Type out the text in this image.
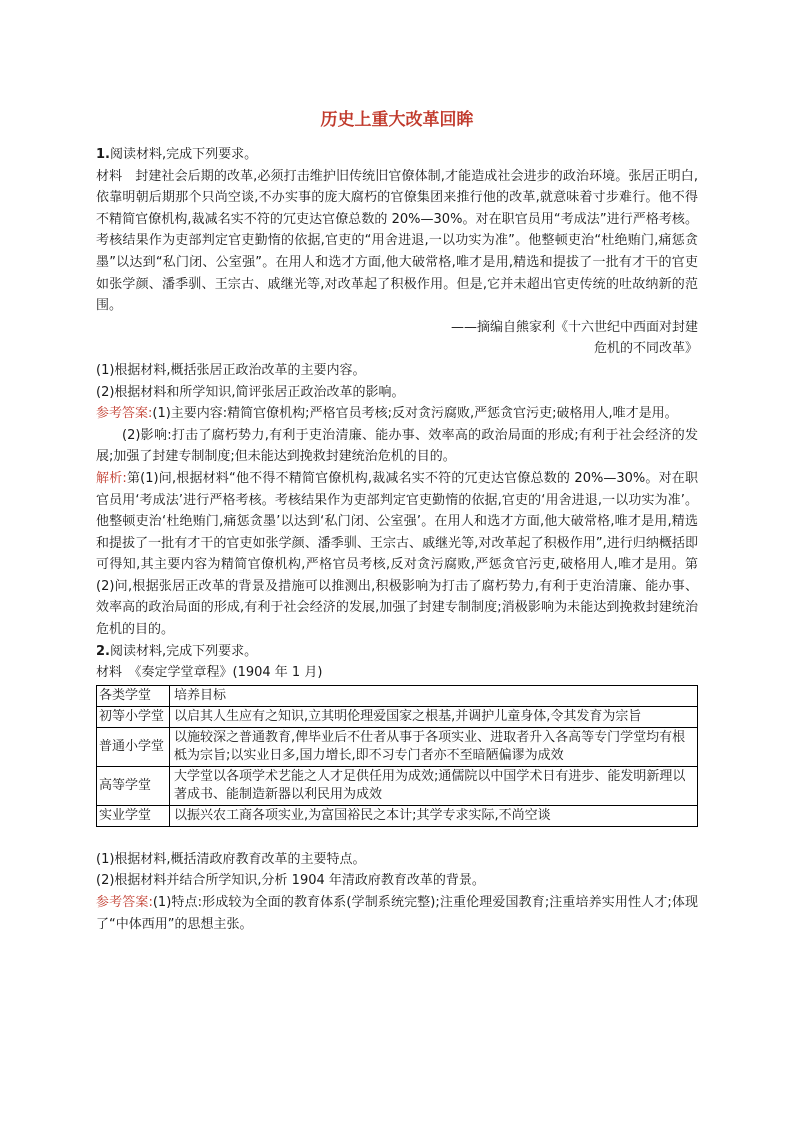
历史上重大改革回眸

1.阅读材料,完成下列要求。

材料　封建社会后期的改革,必须打击维护旧传统旧官僚体制,才能造成社会进步的政治环境。张居正明白,依靠明朝后期那个只尚空谈,不办实事的庞大腐朽的官僚集团来推行他的改革,就意味着寸步难行。他不得不精简官僚机构,裁减名实不符的冗吏达官僚总数的 20%—30%。对在职官员用“考成法”进行严格考核。考核结果作为吏部判定官吏勤惰的依据,官吏的“用舍进退,一以功实为准”。他整顿吏治“杜绝贿门,痛惩贪墨”以达到“私门闭、公室强”。在用人和选才方面,他大破常格,唯才是用,精选和提拔了一批有才干的官吏如张学颜、潘季驯、王宗古、戚继光等,对改革起了积极作用。但是,它并未超出官吏传统的吐故纳新的范围。

——摘编自熊家利《十六世纪中西面对封建

危机的不同改革》

(1)根据材料,概括张居正政治改革的主要内容。

(2)根据材料和所学知识,简评张居正政治改革的影响。

参考答案:(1)主要内容:精简官僚机构;严格官员考核;反对贪污腐败,严惩贪官污吏;破格用人,唯才是用。

(2)影响:打击了腐朽势力,有利于吏治清廉、能办事、效率高的政治局面的形成;有利于社会经济的发展;加强了封建专制制度;但未能达到挽救封建统治危机的目的。

解析:第(1)问,根据材料“他不得不精简官僚机构,裁减名实不符的冗吏达官僚总数的 20%—30%。对在职官员用‘考成法’进行严格考核。考核结果作为吏部判定官吏勤惰的依据,官吏的‘用舍进退,一以功实为准’。他整顿吏治‘杜绝贿门,痛惩贪墨’以达到‘私门闭、公室强’。在用人和选才方面,他大破常格,唯才是用,精选和提拔了一批有才干的官吏如张学颜、潘季驯、王宗古、戚继光等,对改革起了积极作用”,进行归纳概括即可得知,其主要内容为精简官僚机构,严格官员考核,反对贪污腐败,严惩贪官污吏,破格用人,唯才是用。第(2)问,根据张居正改革的背景及措施可以推测出,积极影响为打击了腐朽势力,有利于吏治清廉、能办事、效率高的政治局面的形成,有利于社会经济的发展,加强了封建专制制度;消极影响为未能达到挽救封建统治危机的目的。

2.阅读材料,完成下列要求。

材料　《奏定学堂章程》(1904 年 1 月)

各类学堂	培养目标
初等小学堂	以启其人生应有之知识,立其明伦理爱国家之根基,并调护儿童身体,令其发育为宗旨
普通小学堂	以施较深之普通教育,俾毕业后不仕者从事于各项实业、进取者升入各高等专门学堂均有根柢为宗旨;以实业日多,国力增长,即不习专门者亦不至暗陋偏谬为成效
高等学堂	大学堂以各项学术艺能之人才足供任用为成效;通儒院以中国学术日有进步、能发明新理以著成书、能制造新器以利民用为成效
实业学堂	以振兴农工商各项实业,为富国裕民之本计;其学专求实际,不尚空谈

(1)根据材料,概括清政府教育改革的主要特点。

(2)根据材料并结合所学知识,分析 1904 年清政府教育改革的背景。

参考答案:(1)特点:形成较为全面的教育体系(学制系统完整);注重伦理爱国教育;注重培养实用性人才;体现了“中体西用”的思想主张。
